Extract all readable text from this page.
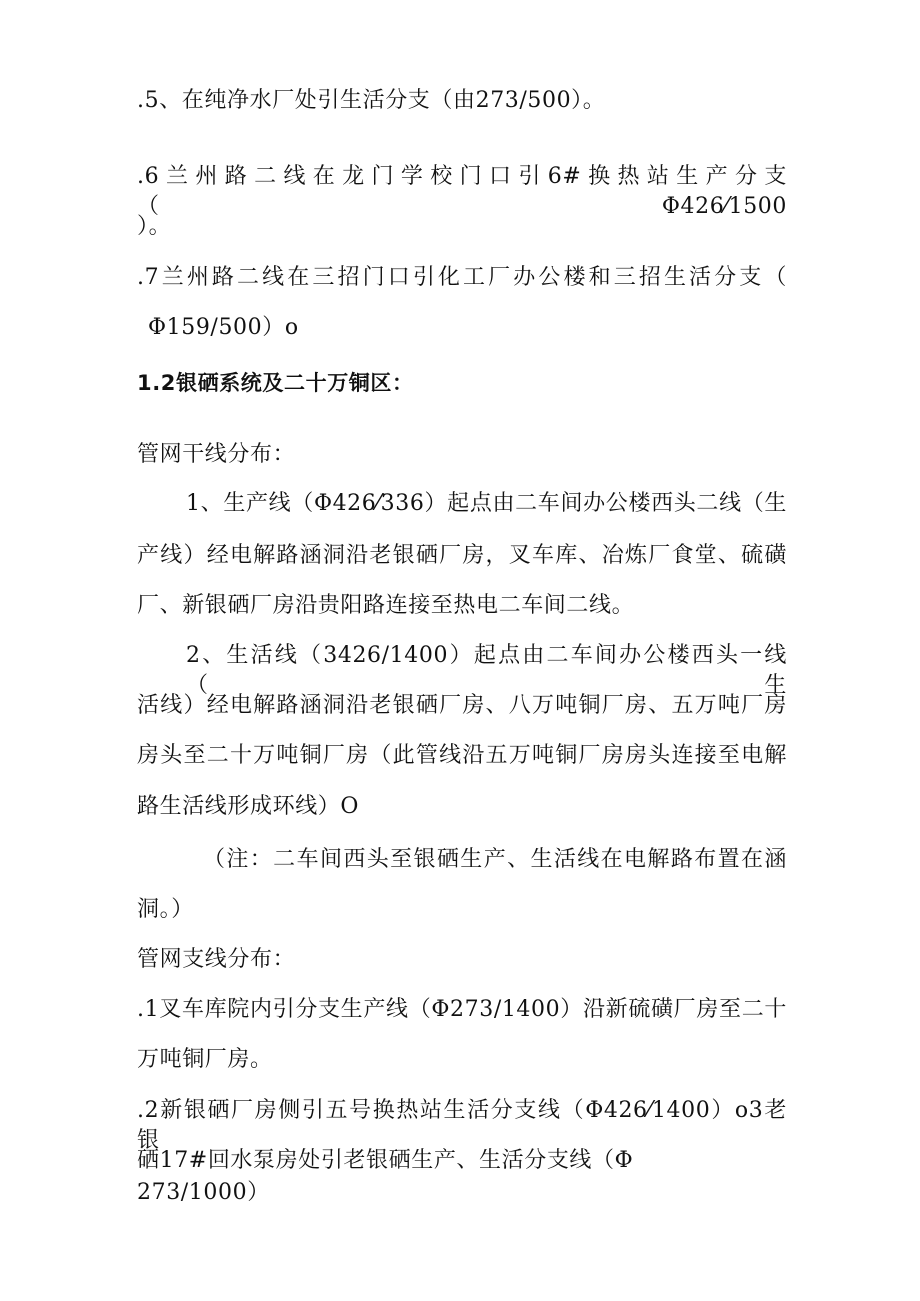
.5、在纯净水厂处引生活分支（由273/500）。
.6兰州路二线在龙门学校门口引6#换热站生产分支（Φ426⁄1500
）。
.7兰州路二线在三招门口引化工厂办公楼和三招生活分支（
Φ159/500）o
1.2银硒系统及二十万铜区：
管网干线分布：
1、生产线（Φ426⁄336）起点由二车间办公楼西头二线（生
产线）经电解路涵洞沿老银硒厂房，叉车库、冶炼厂食堂、硫磺
厂、新银硒厂房沿贵阳路连接至热电二车间二线。
2、生活线（3426/1400）起点由二车间办公楼西头一线（生
活线）经电解路涵洞沿老银硒厂房、八万吨铜厂房、五万吨厂房
房头至二十万吨铜厂房（此管线沿五万吨铜厂房房头连接至电解
路生活线形成环线）O
（注：二车间西头至银硒生产、生活线在电解路布置在涵
洞。）
管网支线分布：
.1叉车库院内引分支生产线（Φ273/1400）沿新硫磺厂房至二十
万吨铜厂房。
.2新银硒厂房侧引五号换热站生活分支线（Φ426⁄1400）o3老银
硒17#回水泵房处引老银硒生产、生活分支线（Φ
273/1000）
